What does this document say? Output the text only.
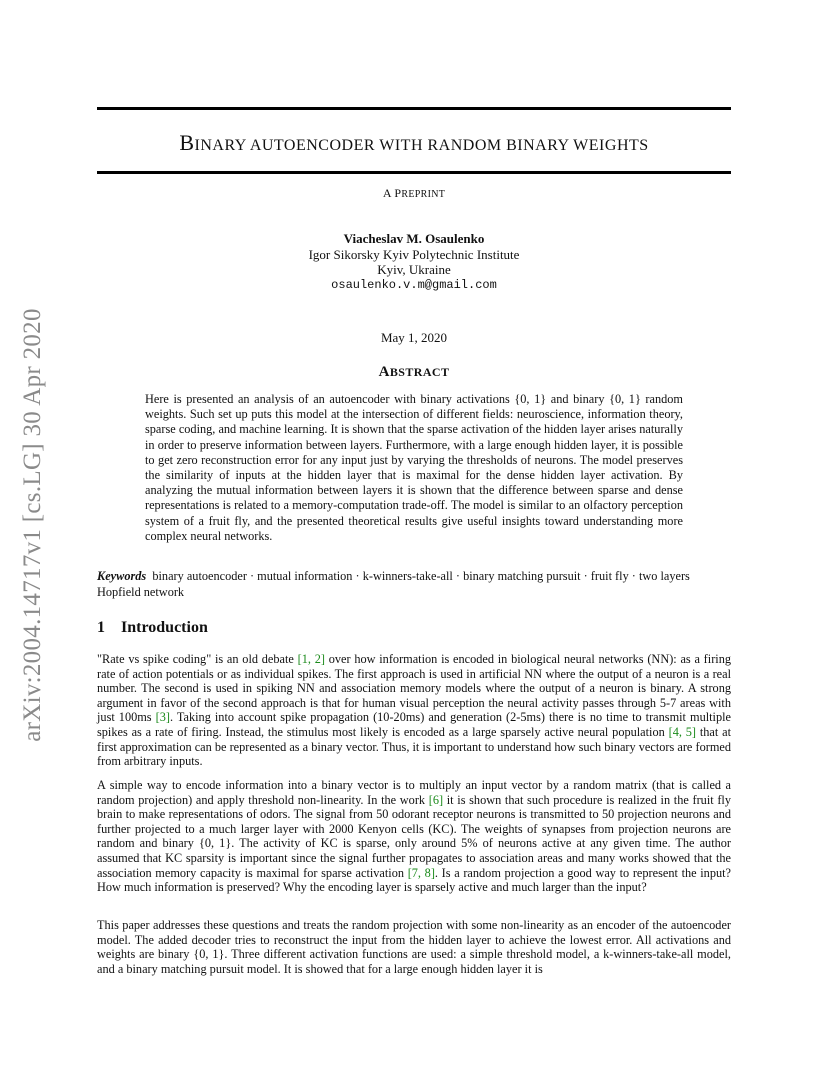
arXiv:2004.14717v1 [cs.LG] 30 Apr 2020
BINARY AUTOENCODER WITH RANDOM BINARY WEIGHTS
A PREPRINT
Viacheslav M. Osaulenko
Igor Sikorsky Kyiv Polytechnic Institute
Kyiv, Ukraine
osaulenko.v.m@gmail.com
May 1, 2020
ABSTRACT
Here is presented an analysis of an autoencoder with binary activations {0, 1} and binary {0, 1} random weights. Such set up puts this model at the intersection of different fields: neuroscience, information theory, sparse coding, and machine learning. It is shown that the sparse activation of the hidden layer arises naturally in order to preserve information between layers. Furthermore, with a large enough hidden layer, it is possible to get zero reconstruction error for any input just by varying the thresholds of neurons. The model preserves the similarity of inputs at the hidden layer that is maximal for the dense hidden layer activation. By analyzing the mutual information between layers it is shown that the difference between sparse and dense representations is related to a memory-computation trade-off. The model is similar to an olfactory perception system of a fruit fly, and the presented theoretical results give useful insights toward understanding more complex neural networks.
Keywords binary autoencoder · mutual information · k-winners-take-all · binary matching pursuit · fruit fly · two layers Hopfield network
1 Introduction
"Rate vs spike coding" is an old debate [1, 2] over how information is encoded in biological neural networks (NN): as a firing rate of action potentials or as individual spikes. The first approach is used in artificial NN where the output of a neuron is a real number. The second is used in spiking NN and association memory models where the output of a neuron is binary. A strong argument in favor of the second approach is that for human visual perception the neural activity passes through 5-7 areas with just 100ms [3]. Taking into account spike propagation (10-20ms) and generation (2-5ms) there is no time to transmit multiple spikes as a rate of firing. Instead, the stimulus most likely is encoded as a large sparsely active neural population [4, 5] that at first approximation can be represented as a binary vector. Thus, it is important to understand how such binary vectors are formed from arbitrary inputs.
A simple way to encode information into a binary vector is to multiply an input vector by a random matrix (that is called a random projection) and apply threshold non-linearity. In the work [6] it is shown that such procedure is realized in the fruit fly brain to make representations of odors. The signal from 50 odorant receptor neurons is transmitted to 50 projection neurons and further projected to a much larger layer with 2000 Kenyon cells (KC). The weights of synapses from projection neurons are random and binary {0, 1}. The activity of KC is sparse, only around 5% of neurons active at any given time. The author assumed that KC sparsity is important since the signal further propagates to association areas and many works showed that the association memory capacity is maximal for sparse activation [7, 8]. Is a random projection a good way to represent the input? How much information is preserved? Why the encoding layer is sparsely active and much larger than the input?
This paper addresses these questions and treats the random projection with some non-linearity as an encoder of the autoencoder model. The added decoder tries to reconstruct the input from the hidden layer to achieve the lowest error. All activations and weights are binary {0, 1}. Three different activation functions are used: a simple threshold model, a k-winners-take-all model, and a binary matching pursuit model. It is showed that for a large enough hidden layer it is
